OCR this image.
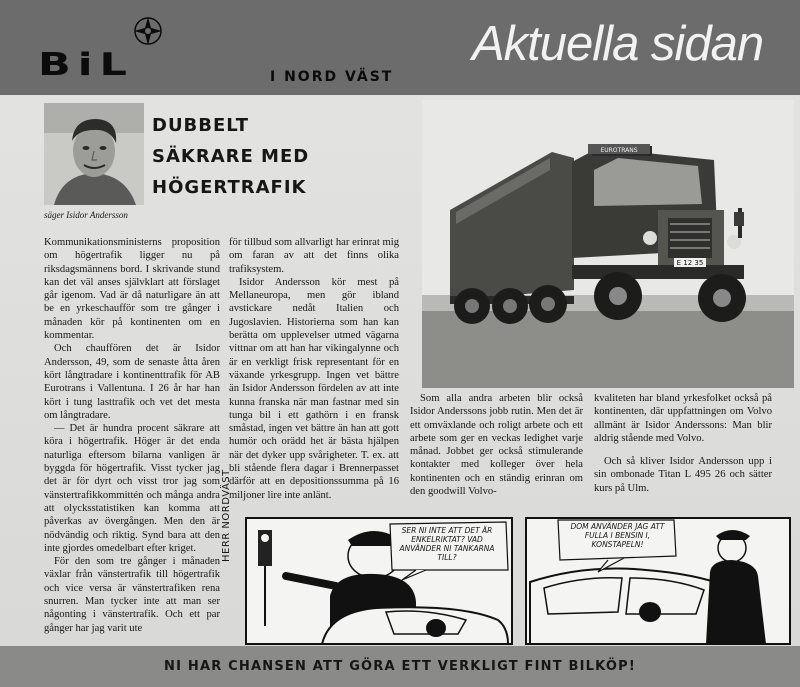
BiL	I NORD VÄST
Aktuella sidan
säger Isidor Andersson
DUBBELT
SÄKRARE MED
HÖGERTRAFIK

Kommunikationsministerns proposition om högertrafik ligger nu på riksdagsmännens bord. I skrivande stund kan det väl anses självklart att förslaget går igenom. Vad är då naturligare än att be en yrkeschaufför som tre gånger i månaden kör på kontinenten om en kommentar.

Och chauffören det är Isidor Andersson, 49, som de senaste åtta åren kört långtradare i kontinenttrafik för AB Eurotrans i Vallentuna. I 26 år har han kört i tung lasttrafik och vet det mesta om långtradare.

— Det är hundra procent säkrare att köra i högertrafik. Höger är det enda naturliga eftersom bilarna vanligen är byggda för högertrafik. Visst tycker jag det är för dyrt och visst tror jag som vänstertrafikkommittén och många andra att olycksstatistiken kan komma att påverkas av övergången. Men den är nödvändig och riktig. Synd bara att den inte gjordes omedelbart efter kriget.

För den som tre gånger i månaden växlar från vänstertrafik till högertrafik och vice versa är vänstertrafiken rena snurren. Man tycker inte att man ser någonting i vänstertrafik. Och ett par gånger har jag varit ute

för tillbud som allvarligt har erinrat mig om faran av att det finns olika trafiksystem.

Isidor Andersson kör mest på Mellaneuropa, men gör ibland avstickare nedåt Italien och Jugoslavien. Historierna som han kan berätta om upplevelser utmed vägarna vittnar om att han har vikingalynne och är en verkligt frisk representant för en växande yrkesgrupp. Ingen vet bättre än Isidor Andersson fördelen av att inte kunna franska när man fastnar med sin tunga bil i ett gathörn i en fransk småstad, ingen vet bättre än han att gott humör och orädd het är bästa hjälpen när det dyker upp svårigheter. T. ex. att bli stående flera dagar i Brennerpasset därför att en depositionssumma på 16 miljoner lire inte anlänt.

E 12 35
EUROTRANS

Som alla andra arbeten blir också Isidor Anderssons jobb rutin. Men det är ett omväxlande och roligt arbete och ett arbete som ger en veckas ledighet varje månad. Jobbet ger också stimulerande kontakter med kolleger över hela kontinenten och en ständig erinran om den goodwill Volvo-

kvaliteten har bland yrkesfolket också på kontinenten, där uppfattningen om Volvo allmänt är Isidor Anderssons: Man blir aldrig stående med Volvo.

Och så kliver Isidor Andersson upp i sin ombonade Titan L 495 26 och sätter kurs på Ulm.

HERR NORDVÄST	SER NI INTE ATT DET ÄR ENKELRIKTAT? VAD ANVÄNDER NI TANKARNA TILL?
DOM ANVÄNDER JAG ATT FULLA I BENSIN I, KONSTAPELN!
NI HAR CHANSEN ATT GÖRA ETT VERKLIGT FINT BILKÖP!
